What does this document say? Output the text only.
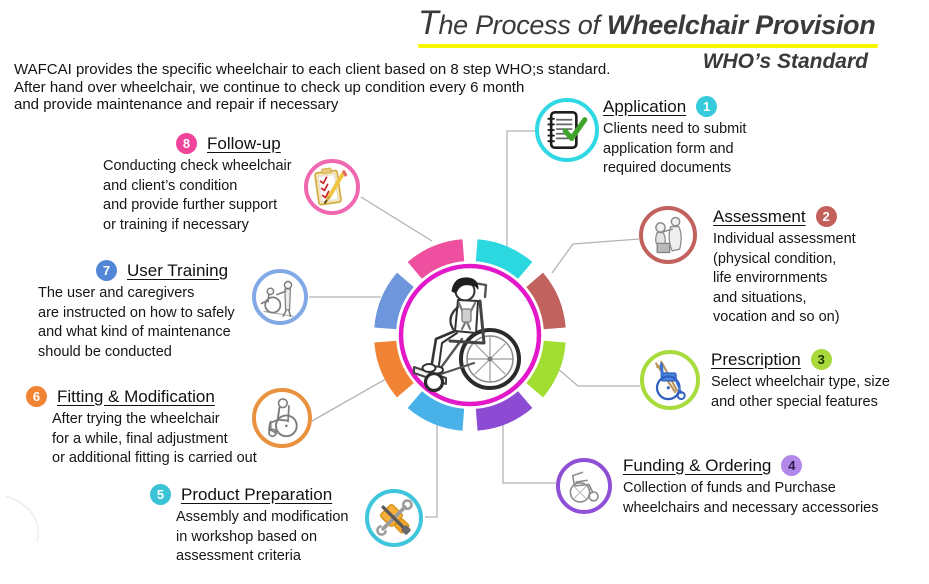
The Process of Wheelchair Provision
WHO’s Standard
WAFCAI provides the specific wheelchair to each client based on 8 step WHO;s standard.
After hand over wheelchair, we continue to check up condition every 6 month
and provide maintenance and repair if necessary	Application	1
Clients need to submit
application form and
required documents
Assessment	2
Individual assessment
(physical condition,
life envirornments
and situations,
vocation and so on)
Prescription	3
Select wheelchair type, size
and other special features
Funding & Ordering	4
Collection of funds and Purchase
wheelchairs and necessary accessories
5 Product Preparation
Assembly and modification
in workshop based on
assessment criteria
6 Fitting & Modification
After trying the wheelchair
for a while, final adjustment
or additional fitting is carried out
7 User Training
The user and caregivers
are instructed on how to safely
and what kind of maintenance
should be conducted
8 Follow-up
Conducting check wheelchair
and client’s condition
and provide further support
or training if necessary
